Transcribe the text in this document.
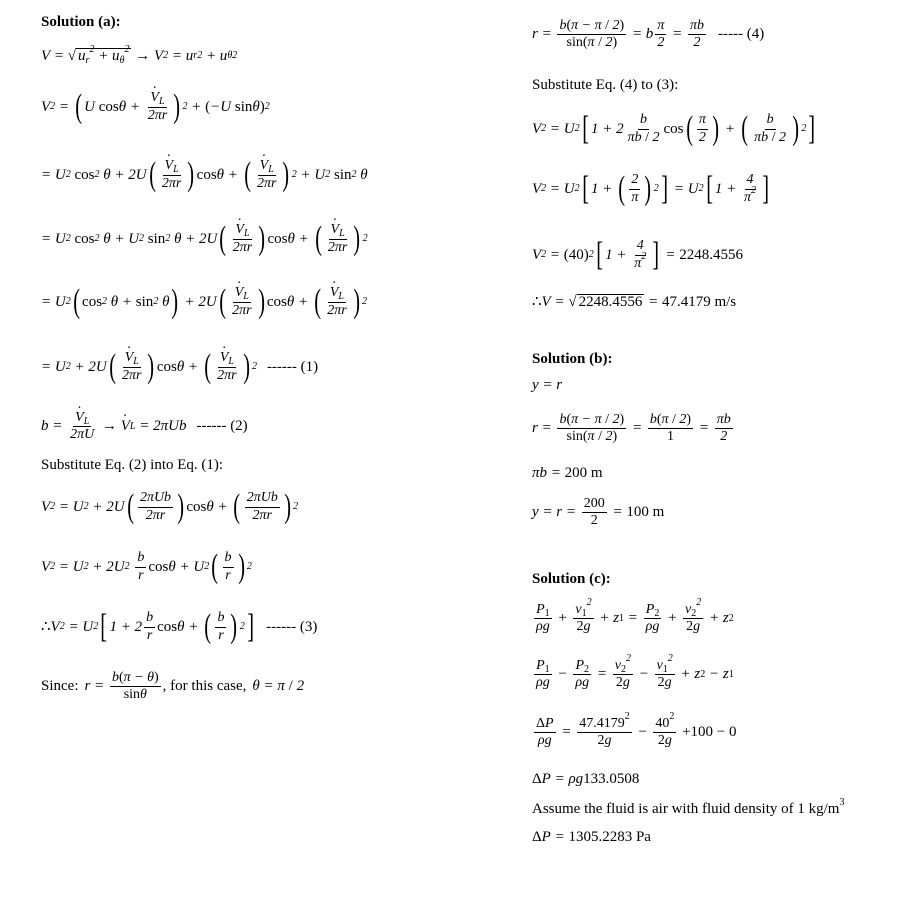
Solution (a):
V = √ $u_r^2 + u_\theta^2$
→ V 2 = u r 2 + u θ 2
V 2 = ( U $\cos \theta + \frac{V \cdot_L}{2\pi r}$ ) 2 + ( −U sin θ ) 2
= U 2
cos 2 θ + 2U ( $\frac{V \cdot_L}{2\pi r}$ ) cos θ + ( $\frac{V \cdot_L}{2\pi r}$ ) 2 + U 2
sin 2 θ
= U 2
cos 2 θ + U 2
sin 2 θ + 2U ( $\frac{V \cdot_L}{2\pi r}$ ) cos θ + ( $\frac{V \cdot_L}{2\pi r}$ ) 2
= U 2 ( cos 2 θ + sin 2 θ ) + 2U ( $\frac{V \cdot_L}{2\pi r}$ ) cos θ + ( $\frac{V \cdot_L}{2\pi r}$ ) 2
= U 2 + 2U ( $\frac{V \cdot_L}{2\pi r}$ ) cos θ + ( $\frac{V \cdot_L}{2\pi r}$ ) 2 ------ (1)
$b = \frac{V \cdot_L}{2\pi U}$
→
V · L = 2πUb ------ (2)
Substitute Eq. (2) into Eq. (1):
V 2 = U 2 + 2U ( $\frac{\text{2πUb}}{2\pi r}$ ) cos θ + ( $\frac{\text{2πUb}}{2\pi r}$ ) 2
V 2 = U 2 + 2U 2
$\frac{b}{r}$ cos θ + U 2 ( $\frac{b}{r}$ ) 2
∴ V 2 = U 2 [ $1 + 2 \frac{b}{r}$ cos θ + ( $\frac{b}{r}$ ) 2 ] ------ (3)
Since: $r = \frac{b(\pi - \theta)}{\sin\theta}$ , for this case, θ = π / 2
$r = \frac{b(\pi - \pi / 2)}{\sin(\pi / 2)} = b \frac{\pi}{2} = \frac{\pi b}{2}$ ----- (4)
Substitute Eq. (4) to (3):
V 2 = U 2 [ $1 + 2 \frac{b}{\pi b / 2}$ cos ( $\frac{\pi}{2}$ ) + ( $\frac{b}{\pi b / 2}$ ) 2 ]
V 2 = U 2 [ 1 + ( $\frac{2}{\pi}$ ) 2 ] = U 2 [ $1 + \frac{4}{\pi^2}$ ]
V 2 = (40) 2 [ $1 + \frac{4}{\pi^2}$ ] = 2248.4556
∴ V = √ 2248.4556 = 47.4179 m/s
Solution (b):
y = r
$r = \frac{b(\pi - \pi / 2)}{\sin(\pi / 2)} = \frac{b(\pi / 2)}{1} = \frac{\pi b}{2}$
πb = 200 m
$y = r = \frac{200}{2} = 100$ m
Solution (c):
$\frac{P_1}{\rho g} + \frac{v_1^2}{2g} + z$ $1 = \frac{P_2}{\rho g} + \frac{v_2^2}{2g} + z$ 2
$\frac{P_1}{\rho g} - \frac{P_2}{\rho g} = \frac{v_2^2}{2g} - \frac{v_1^2}{2g} + z$ 2 − z 1
$\frac{\Delta P}{\rho g} = \frac{47.4179^2}{2g} - \frac{40^2}{2g}$
+100 − 0
Δ P = ρg 133.0508
Assume the fluid is air with fluid density of 1 $kg/m^3$
Δ P = 1305.2283 Pa
